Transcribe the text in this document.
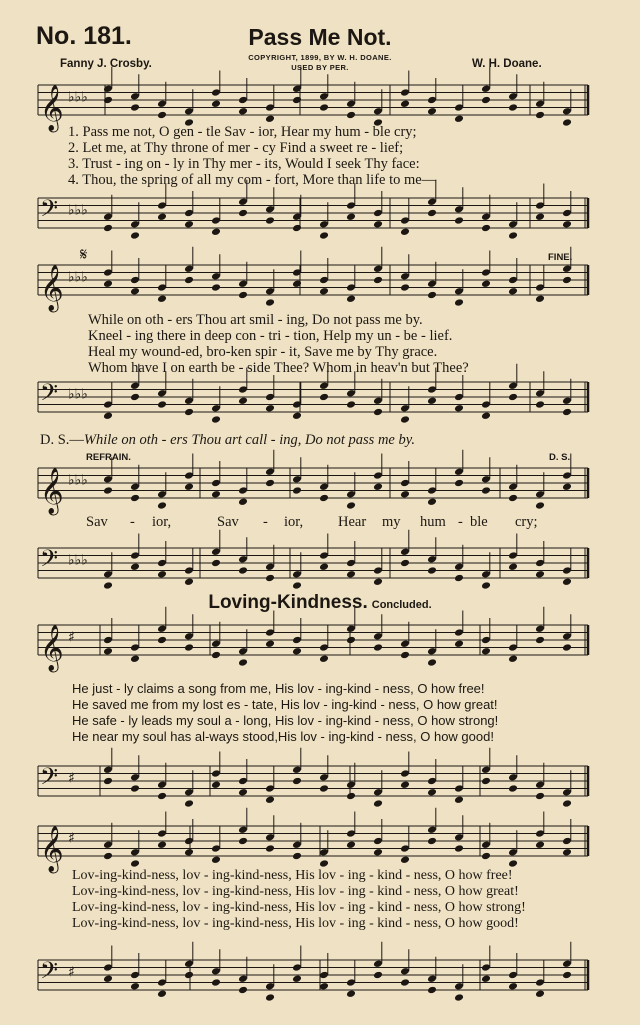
No. 181.	Pass Me Not.
COPYRIGHT, 1899, BY W. H. DOANE.
USED BY PER.
Fanny J. Crosby.	W. H. Doane.
𝄞 ♭♭♭
𝄢 ♭♭♭
𝄞 ♭♭♭
𝄢 ♭♭♭
𝄞 ♭♭♭
𝄢 ♭♭♭
𝄞 ♯
𝄢 ♯
𝄞 ♯
𝄢 ♯
1. Pass me not, O gen - tle Sav - ior, Hear my hum - ble cry;
2. Let me, at Thy throne of mer - cy Find a sweet re - lief;
3. Trust - ing on - ly in Thy mer - its, Would I seek Thy face:
4. Thou, the spring of all my com - fort, More than life to me—
𝄋	FINE.
While on oth - ers Thou art smil - ing, Do not pass me by.
Kneel - ing there in deep con - tri - tion, Help my un - be - lief.
Heal my wound-ed, bro-ken spir - it, Save me by Thy grace.
Whom have I on earth be - side Thee? Whom in heav'n but Thee?
D. S.—While on oth - ers Thou art call - ing, Do not pass me by.
REFRAIN.	D. S.
Sav - ior,	Sav - ior, Hear my hum - ble cry;
Loving-Kindness. Concluded.
He just - ly claims a song from me, His lov - ing-kind - ness, O how free!
He saved me from my lost es - tate, His lov - ing-kind - ness, O how great!
He safe - ly leads my soul a - long, His lov - ing-kind - ness, O how strong!
He near my soul has al-ways stood,His lov - ing-kind - ness, O how good!
Lov-ing-kind-ness, lov - ing-kind-ness, His lov - ing - kind - ness, O how free!
Lov-ing-kind-ness, lov - ing-kind-ness, His lov - ing - kind - ness, O how great!
Lov-ing-kind-ness, lov - ing-kind-ness, His lov - ing - kind - ness, O how strong!
Lov-ing-kind-ness, lov - ing-kind-ness, His lov - ing - kind - ness, O how good!
